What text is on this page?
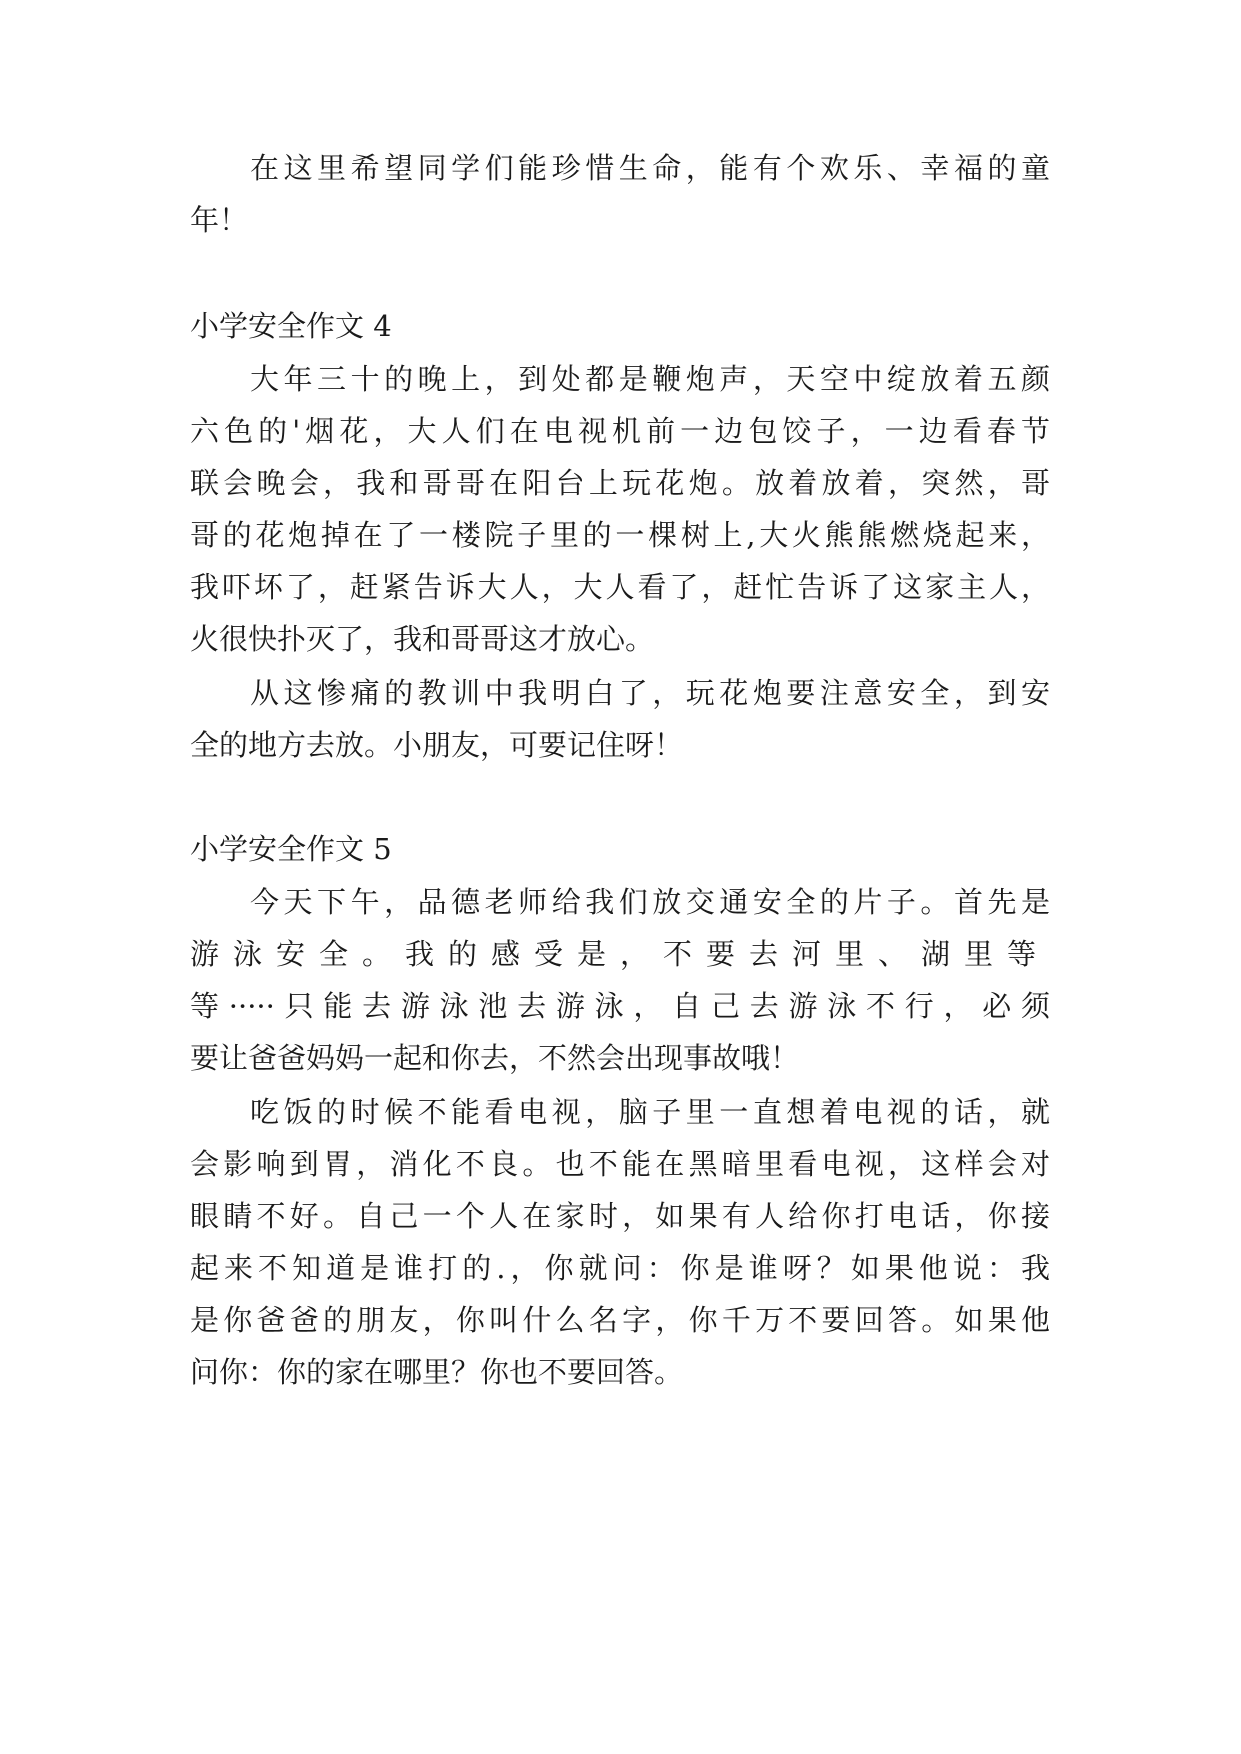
在这里希望同学们能珍惜生命，能有个欢乐、幸福的童
年！
小学安全作文 4
大年三十的晚上，到处都是鞭炮声，天空中绽放着五颜
六色的'烟花，大人们在电视机前一边包饺子，一边看春节
联会晚会，我和哥哥在阳台上玩花炮。放着放着，突然，哥
哥的花炮掉在了一楼院子里的一棵树上,大火熊熊燃烧起来，
我吓坏了，赶紧告诉大人，大人看了，赶忙告诉了这家主人，
火很快扑灭了，我和哥哥这才放心。
从这惨痛的教训中我明白了，玩花炮要注意安全，到安
全的地方去放。小朋友，可要记住呀！
小学安全作文 5
今天下午，品德老师给我们放交通安全的片子。首先是
游泳安全。我的感受是，不要去河里、湖里等
等·····只能去游泳池去游泳，自己去游泳不行，必须
要让爸爸妈妈一起和你去，不然会出现事故哦！
吃饭的时候不能看电视，脑子里一直想着电视的话，就
会影响到胃，消化不良。也不能在黑暗里看电视，这样会对
眼睛不好。自己一个人在家时，如果有人给你打电话，你接
起来不知道是谁打的.，你就问：你是谁呀？如果他说：我
是你爸爸的朋友，你叫什么名字，你千万不要回答。如果他
问你：你的家在哪里？你也不要回答。
